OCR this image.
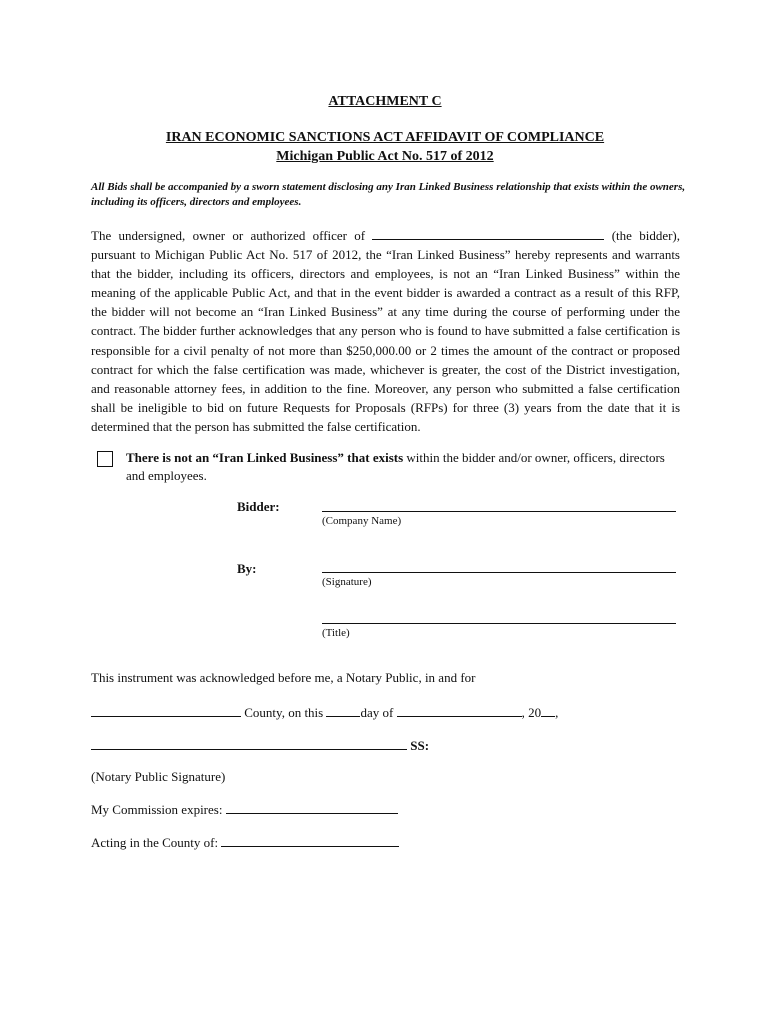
ATTACHMENT C
IRAN ECONOMIC SANCTIONS ACT AFFIDAVIT OF COMPLIANCE
Michigan Public Act No. 517 of 2012
All Bids shall be accompanied by a sworn statement disclosing any Iran Linked Business relationship that exists within the owners, including its officers, directors and employees.
The undersigned, owner or authorized officer of	(the bidder), pursuant to Michigan Public Act No. 517 of 2012, the “Iran Linked Business” hereby represents and warrants that the bidder, including its officers, directors and employees, is not an “Iran Linked Business” within the meaning of the applicable Public Act, and that in the event bidder is awarded a contract as a result of this RFP, the bidder will not become an “Iran Linked Business” at any time during the course of performing under the contract. The bidder further acknowledges that any person who is found to have submitted a false certification is responsible for a civil penalty of not more than $250,000.00 or 2 times the amount of the contract or proposed contract for which the false certification was made, whichever is greater, the cost of the District investigation, and reasonable attorney fees, in addition to the fine. Moreover, any person who submitted a false certification shall be ineligible to bid on future Requests for Proposals (RFPs) for three (3) years from the date that it is determined that the person has submitted the false certification.
There is not an “Iran Linked Business” that exists within the bidder and/or owner, officers, directors and employees.
Bidder:
(Company Name)
By:
(Signature)
(Title)
This instrument was acknowledged before me, a Notary Public, in and for
County, on this	day of	, 20 ,
SS:
(Notary Public Signature)
My Commission expires:
Acting in the County of:
